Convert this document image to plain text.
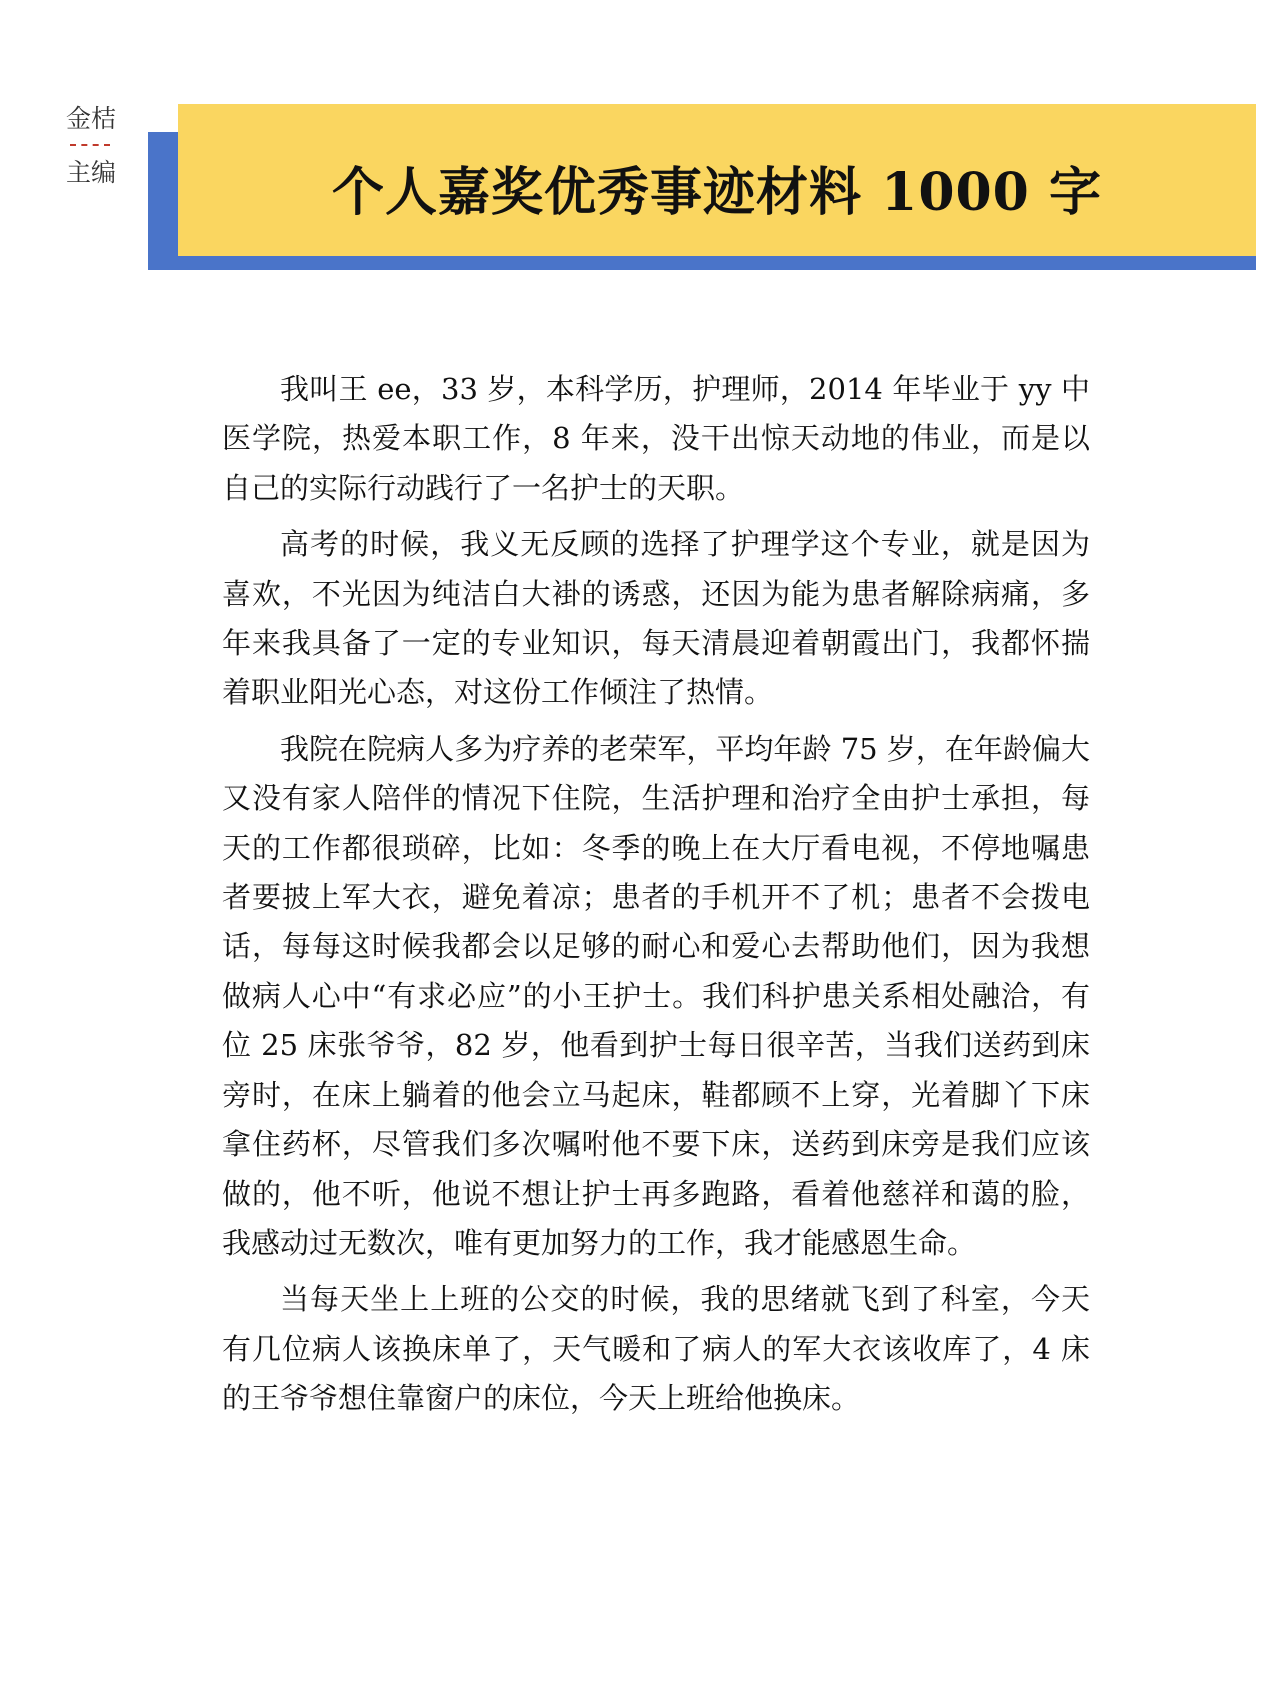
金桔
主编	个人嘉奖优秀事迹材料 1000 字

我叫王 ee，33 岁，本科学历，护理师，2014 年毕业于 yy 中医学院，热爱本职工作，8 年来，没干出惊天动地的伟业，而是以自己的实际行动践行了一名护士的天职。

高考的时候，我义无反顾的选择了护理学这个专业，就是因为喜欢，不光因为纯洁白大褂的诱惑，还因为能为患者解除病痛，多年来我具备了一定的专业知识，每天清晨迎着朝霞出门，我都怀揣着职业阳光心态，对这份工作倾注了热情。

我院在院病人多为疗养的老荣军，平均年龄 75 岁，在年龄偏大又没有家人陪伴的情况下住院，生活护理和治疗全由护士承担，每天的工作都很琐碎，比如：冬季的晚上在大厅看电视，不停地嘱患者要披上军大衣，避免着凉；患者的手机开不了机；患者不会拨电话，每每这时候我都会以足够的耐心和爱心去帮助他们，因为我想做病人心中“有求必应”的小王护士。我们科护患关系相处融洽，有位 25 床张爷爷，82 岁，他看到护士每日很辛苦，当我们送药到床旁时，在床上躺着的他会立马起床，鞋都顾不上穿，光着脚丫下床拿住药杯，尽管我们多次嘱咐他不要下床，送药到床旁是我们应该做的，他不听，他说不想让护士再多跑路，看着他慈祥和蔼的脸，我感动过无数次，唯有更加努力的工作，我才能感恩生命。

当每天坐上上班的公交的时候，我的思绪就飞到了科室，今天有几位病人该换床单了，天气暖和了病人的军大衣该收库了，4 床的王爷爷想住靠窗户的床位，今天上班给他换床。
